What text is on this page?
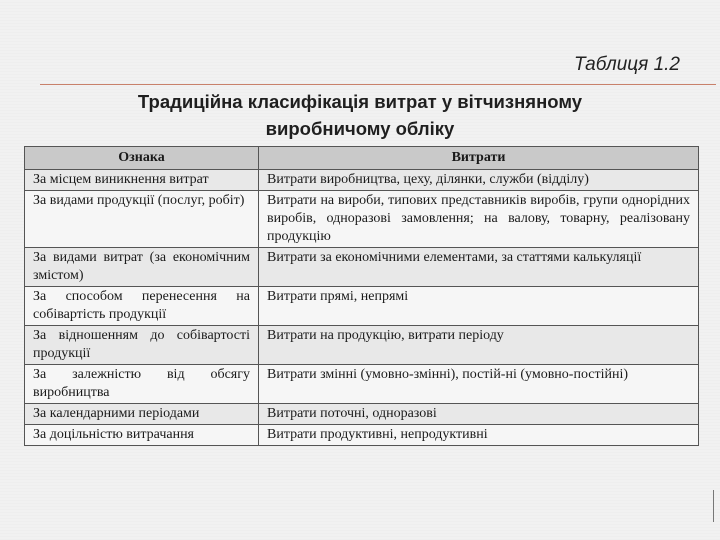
Таблиця 1.2
Традиційна класифікація витрат у вітчизняному
виробничому обліку
Ознака	Витрати
За місцем виникнення витрат	Витрати виробництва, цеху, ділянки, служби (відділу)
За видами продукції (послуг, робіт)	Витрати на вироби, типових представників виробів, групи однорідних виробів, одноразові замовлення; на валову, товарну, реалізовану продукцію
За видами витрат (за економічним змістом)	Витрати за економічними елементами, за статтями калькуляції
За способом перенесення на собівартість продукції	Витрати прямі, непрямі
За відношенням до собівартості продукції	Витрати на продукцію, витрати періоду
За залежністю від обсягу виробництва	Витрати змінні (умовно-змінні), постій-ні (умовно-постійні)
За календарними періодами	Витрати поточні, одноразові
За доцільністю витрачання	Витрати продуктивні, непродуктивні
